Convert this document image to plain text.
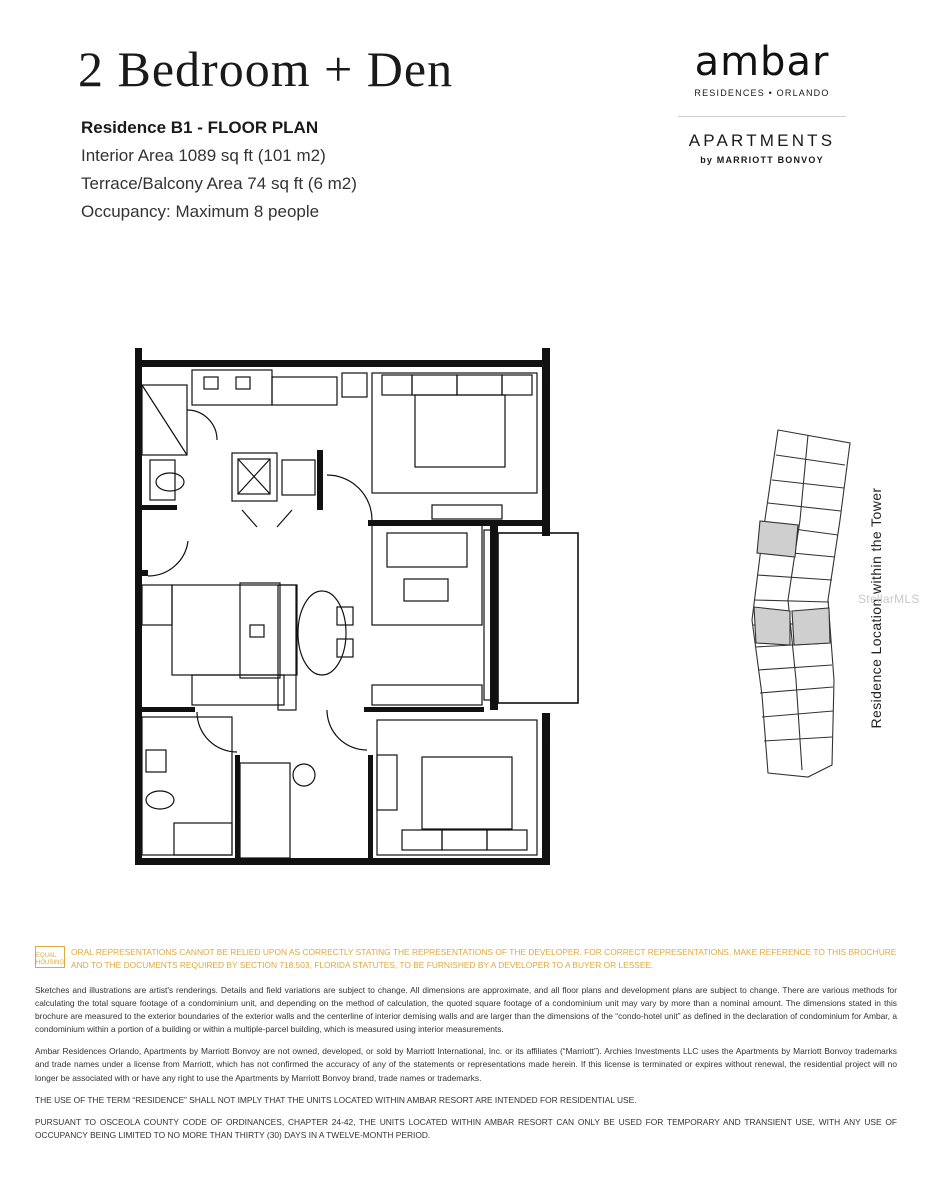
2 Bedroom + Den
Residence B1 - FLOOR PLAN
Interior Area 1089 sq ft (101 m2)
Terrace/Balcony Area 74 sq ft (6 m2)
Occupancy: Maximum 8 people
ambar
RESIDENCES • ORLANDO
APARTMENTS
by MARRIOTT BONVOY
Residence Location within the Tower
StellarMLS
EQUAL HOUSING
ORAL REPRESENTATIONS CANNOT BE RELIED UPON AS CORRECTLY STATING THE REPRESENTATIONS OF THE DEVELOPER. FOR CORRECT REPRESENTATIONS, MAKE REFERENCE TO THIS BROCHURE AND TO THE DOCUMENTS REQUIRED BY SECTION 718.503, FLORIDA STATUTES, TO BE FURNISHED BY A DEVELOPER TO A BUYER OR LESSEE.

Sketches and illustrations are artist's renderings. Details and field variations are subject to change. All dimensions are approximate, and all floor plans and development plans are subject to change. There are various methods for calculating the total square footage of a condominium unit, and depending on the method of calculation, the quoted square footage of a condominium unit may vary by more than a nominal amount. The dimensions stated in this brochure are measured to the exterior boundaries of the exterior walls and the centerline of interior demising walls and are larger than the dimensions of the “condo-hotel unit” as defined in the declaration of condominium for Ambar, a condominium within a portion of a building or within a multiple-parcel building, which is measured using interior measurements.

Ambar Residences Orlando, Apartments by Marriott Bonvoy are not owned, developed, or sold by Marriott International, Inc. or its affiliates (“Marriott”). Archies Investments LLC uses the Apartments by Marriott Bonvoy trademarks and trade names under a license from Marriott, which has not confirmed the accuracy of any of the statements or representations made herein. If this license is terminated or expires without renewal, the residential project will no longer be associated with or have any right to use the Apartments by Marriott Bonvoy brand, trade names or trademarks.

THE USE OF THE TERM “RESIDENCE” SHALL NOT IMPLY THAT THE UNITS LOCATED WITHIN AMBAR RESORT ARE INTENDED FOR RESIDENTIAL USE.

PURSUANT TO OSCEOLA COUNTY CODE OF ORDINANCES, CHAPTER 24-42, THE UNITS LOCATED WITHIN AMBAR RESORT CAN ONLY BE USED FOR TEMPORARY AND TRANSIENT USE, WITH ANY USE OF OCCUPANCY BEING LIMITED TO NO MORE THAN THIRTY (30) DAYS IN A TWELVE-MONTH PERIOD.
